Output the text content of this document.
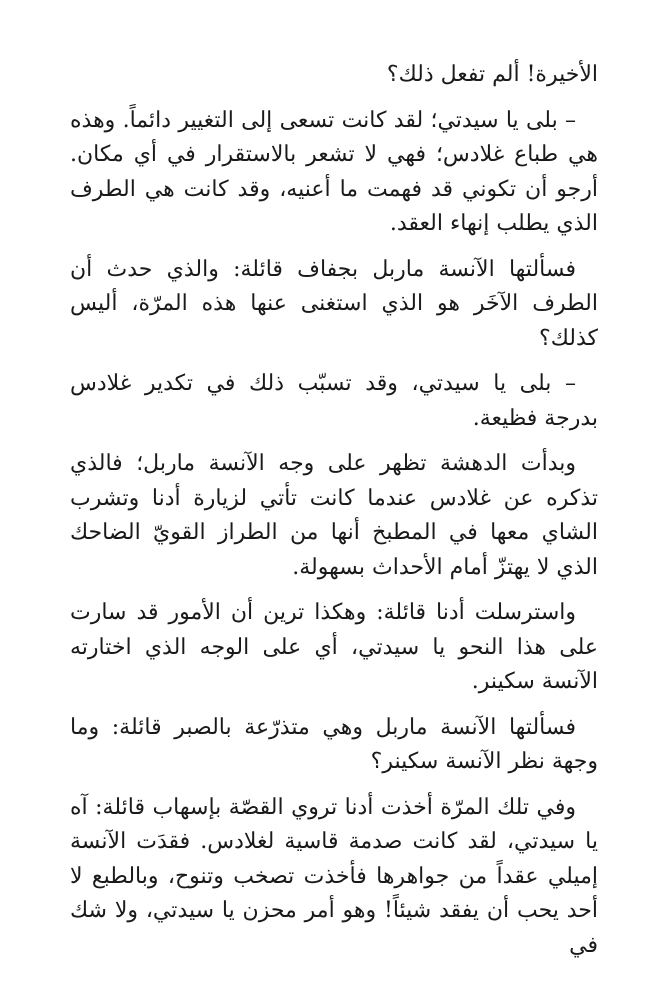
الأخيرة! ألم تفعل ذلك؟

– بلى يا سيدتي؛ لقد كانت تسعى إلى التغيير دائماً. وهذه هي طباع غلادس؛ فهي لا تشعر بالاستقرار في أي مكان. أرجو أن تكوني قد فهمت ما أعنيه، وقد كانت هي الطرف الذي يطلب إنهاء العقد.

فسألتها الآنسة ماربل بجفاف قائلة: والذي حدث أن الطرف الآخَر هو الذي استغنى عنها هذه المرّة، أليس كذلك؟

– بلى يا سيدتي، وقد تسبّب ذلك في تكدير غلادس بدرجة فظيعة.

وبدأت الدهشة تظهر على وجه الآنسة ماربل؛ فالذي تذكره عن غلادس عندما كانت تأتي لزيارة أدنا وتشرب الشاي معها في المطبخ أنها من الطراز القويّ الضاحك الذي لا يهتزّ أمام الأحداث بسهولة.

واسترسلت أدنا قائلة: وهكذا ترين أن الأمور قد سارت على هذا النحو يا سيدتي، أي على الوجه الذي اختارته الآنسة سكينر.

فسألتها الآنسة ماربل وهي متذرّعة بالصبر قائلة: وما وجهة نظر الآنسة سكينر؟

وفي تلك المرّة أخذت أدنا تروي القصّة بإسهاب قائلة: آه يا سيدتي، لقد كانت صدمة قاسية لغلادس. فقدَت الآنسة إميلي عقداً من جواهرها فأخذت تصخب وتنوح، وبالطبع لا أحد يحب أن يفقد شيئاً! وهو أمر محزن يا سيدتي، ولا شك في
